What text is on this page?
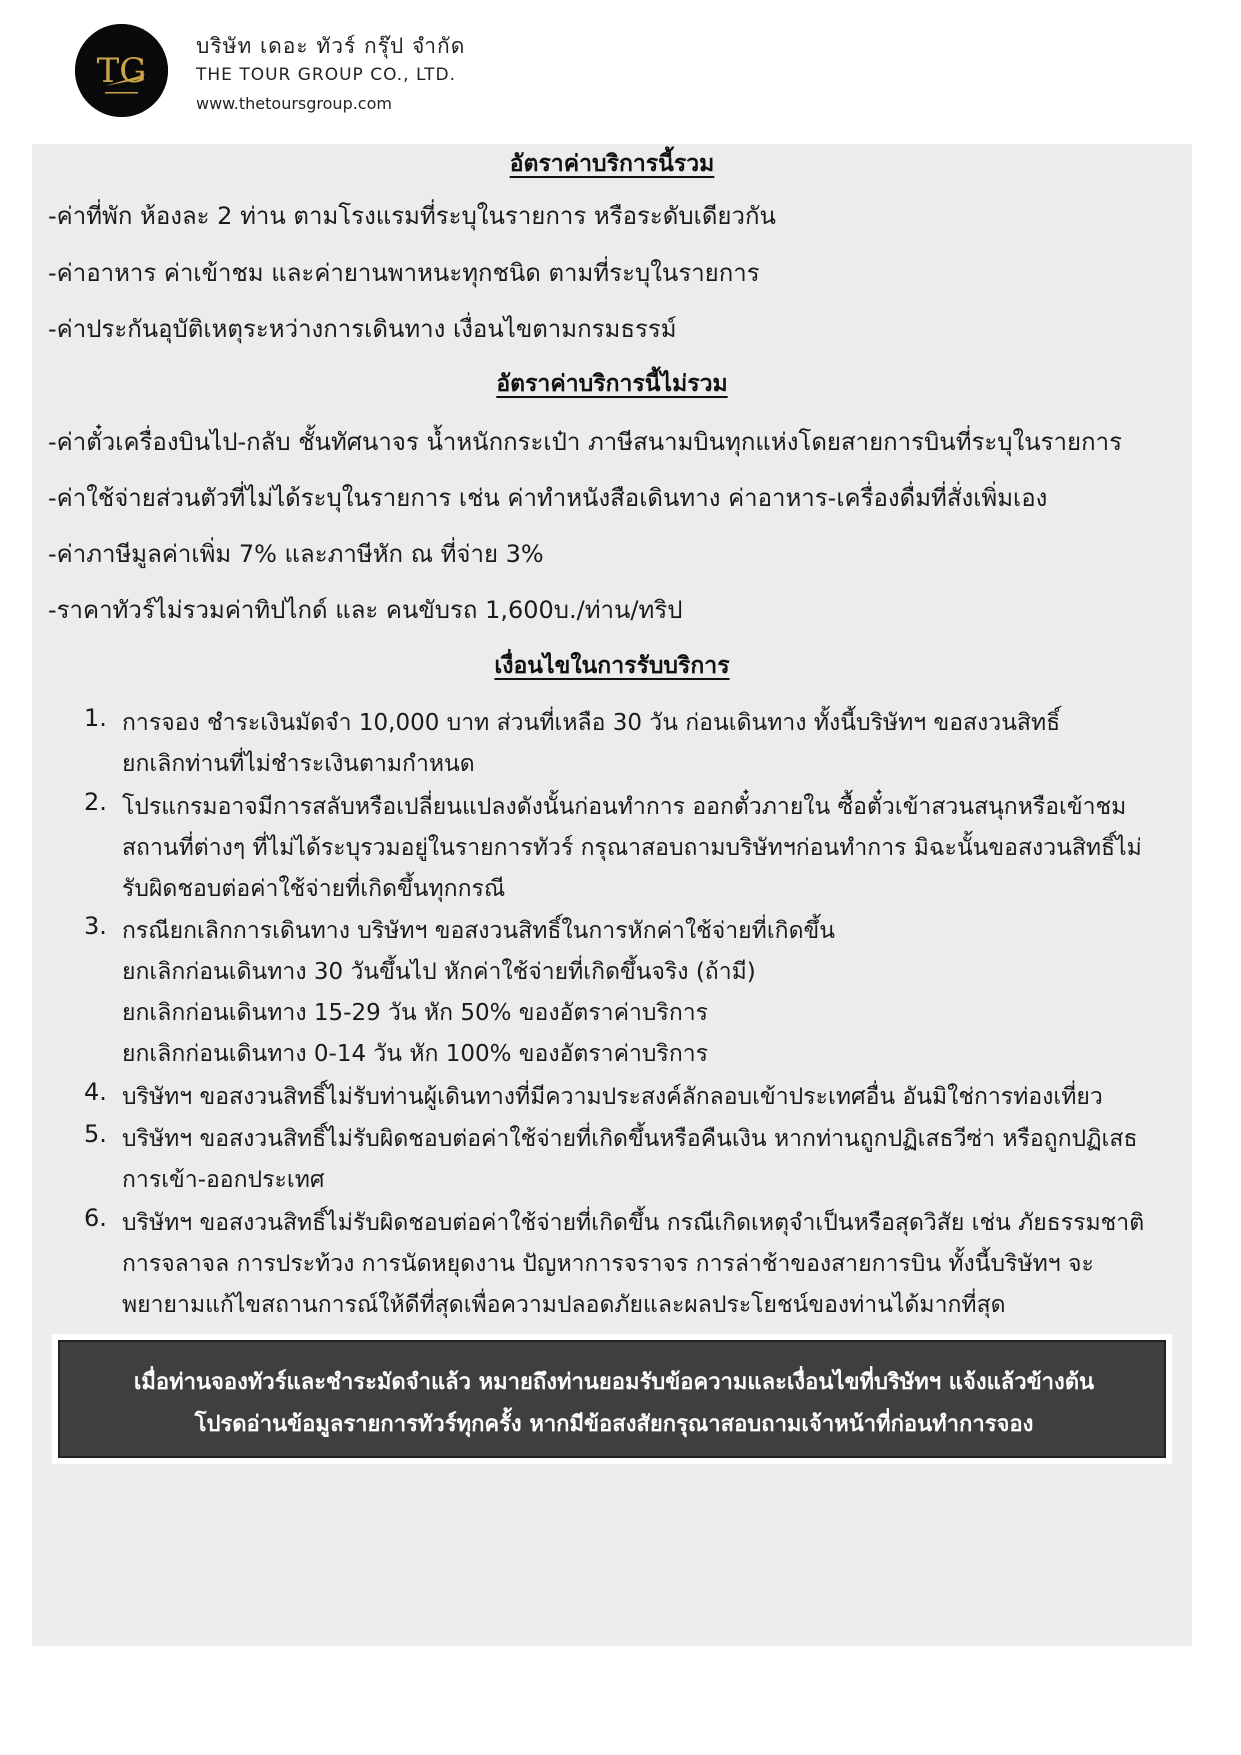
TG
บริษัท เดอะ ทัวร์ กรุ๊ป จำกัด
THE TOUR GROUP CO., LTD.
www.thetoursgroup.com
อัตราค่าบริการนี้รวม
-ค่าที่พัก ห้องละ 2 ท่าน ตามโรงแรมที่ระบุในรายการ หรือระดับเดียวกัน
-ค่าอาหาร ค่าเข้าชม และค่ายานพาหนะทุกชนิด ตามที่ระบุในรายการ
-ค่าประกันอุบัติเหตุระหว่างการเดินทาง เงื่อนไขตามกรมธรรม์
อัตราค่าบริการนี้ไม่รวม
-ค่าตั๋วเครื่องบินไป-กลับ ชั้นทัศนาจร น้ำหนักกระเป๋า ภาษีสนามบินทุกแห่งโดยสายการบินที่ระบุในรายการ
-ค่าใช้จ่ายส่วนตัวที่ไม่ได้ระบุในรายการ เช่น ค่าทำหนังสือเดินทาง ค่าอาหาร-เครื่องดื่มที่สั่งเพิ่มเอง
-ค่าภาษีมูลค่าเพิ่ม 7% และภาษีหัก ณ ที่จ่าย 3%
-ราคาทัวร์ไม่รวมค่าทิปไกด์ และ คนขับรถ 1,600บ./ท่าน/ทริป
เงื่อนไขในการรับบริการ
1. การจอง ชำระเงินมัดจำ 10,000 บาท ส่วนที่เหลือ 30 วัน ก่อนเดินทาง ทั้งนี้บริษัทฯ ขอสงวนสิทธิ์
ยกเลิกท่านที่ไม่ชำระเงินตามกำหนด
2. โปรแกรมอาจมีการสลับหรือเปลี่ยนแปลงดังนั้นก่อนทำการ ออกตั๋วภายใน ซื้อตั๋วเข้าสวนสนุกหรือเข้าชม
สถานที่ต่างๆ ที่ไม่ได้ระบุรวมอยู่ในรายการทัวร์ กรุณาสอบถามบริษัทฯก่อนทำการ มิฉะนั้นขอสงวนสิทธิ์ไม่
รับผิดชอบต่อค่าใช้จ่ายที่เกิดขึ้นทุกกรณี
3. กรณียกเลิกการเดินทาง บริษัทฯ ขอสงวนสิทธิ์ในการหักค่าใช้จ่ายที่เกิดขึ้น
ยกเลิกก่อนเดินทาง 30 วันขึ้นไป หักค่าใช้จ่ายที่เกิดขึ้นจริง (ถ้ามี)
ยกเลิกก่อนเดินทาง 15-29 วัน หัก 50% ของอัตราค่าบริการ
ยกเลิกก่อนเดินทาง 0-14 วัน หัก 100% ของอัตราค่าบริการ
4. บริษัทฯ ขอสงวนสิทธิ์ไม่รับท่านผู้เดินทางที่มีความประสงค์ลักลอบเข้าประเทศอื่น อันมิใช่การท่องเที่ยว
5. บริษัทฯ ขอสงวนสิทธิ์ไม่รับผิดชอบต่อค่าใช้จ่ายที่เกิดขึ้นหรือคืนเงิน หากท่านถูกปฏิเสธวีซ่า หรือถูกปฏิเสธ
การเข้า-ออกประเทศ
6. บริษัทฯ ขอสงวนสิทธิ์ไม่รับผิดชอบต่อค่าใช้จ่ายที่เกิดขึ้น กรณีเกิดเหตุจำเป็นหรือสุดวิสัย เช่น ภัยธรรมชาติ
การจลาจล การประท้วง การนัดหยุดงาน ปัญหาการจราจร การล่าช้าของสายการบิน ทั้งนี้บริษัทฯ จะ
พยายามแก้ไขสถานการณ์ให้ดีที่สุดเพื่อความปลอดภัยและผลประโยชน์ของท่านได้มากที่สุด
เมื่อท่านจองทัวร์และชำระมัดจำแล้ว หมายถึงท่านยอมรับข้อความและเงื่อนไขที่บริษัทฯ แจ้งแล้วข้างต้น
โปรดอ่านข้อมูลรายการทัวร์ทุกครั้ง หากมีข้อสงสัยกรุณาสอบถามเจ้าหน้าที่ก่อนทำการจอง
